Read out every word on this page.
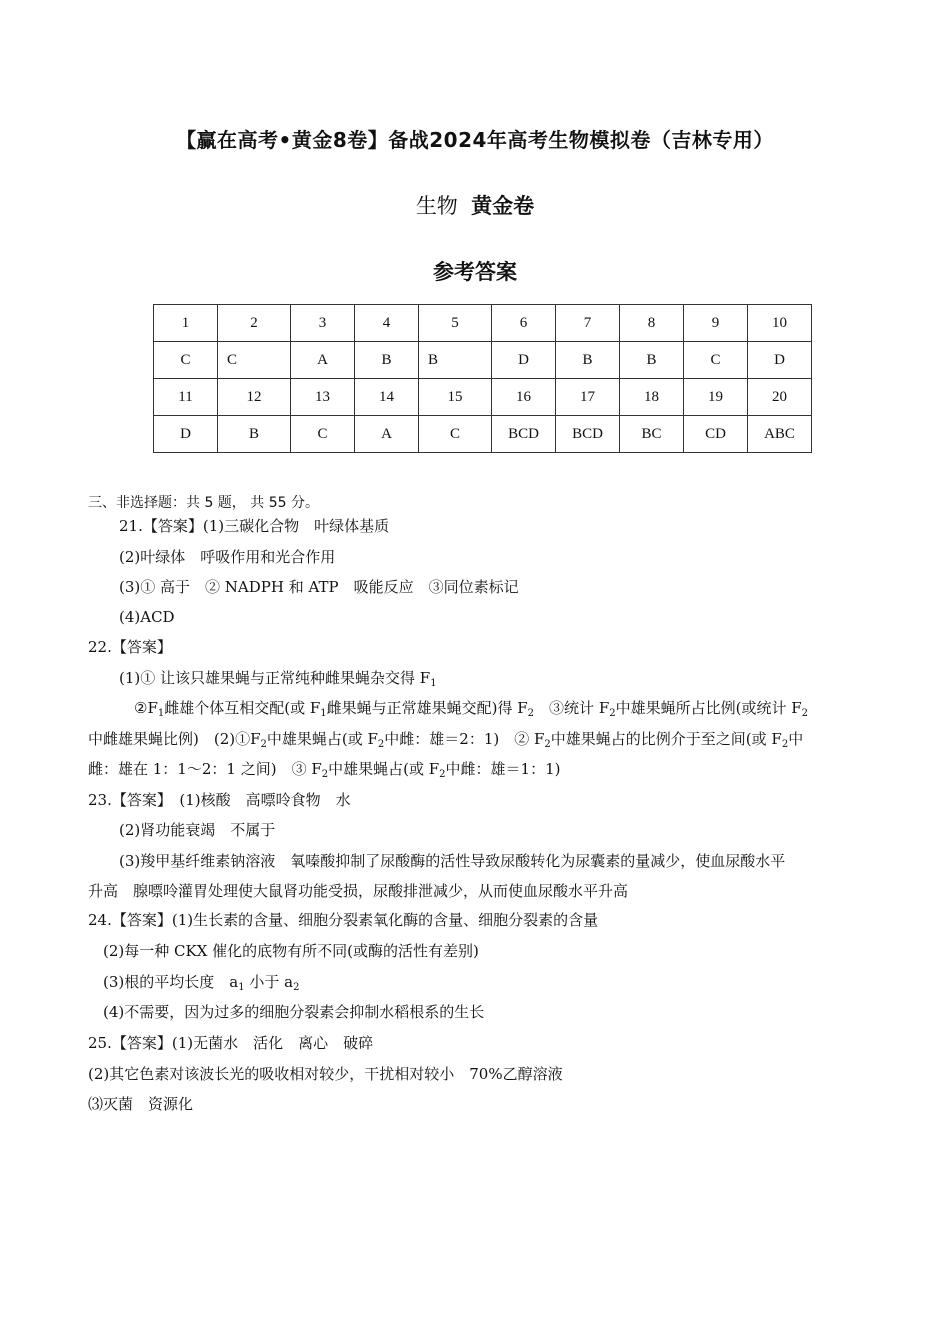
【赢在高考•黄金8卷】备战2024年高考生物模拟卷（吉林专用）
生物 黄金卷
参考答案
1	2	3	4	5	6	7	8	9	10
C	C	A	B	B	D	B	B	C	D
11	12	13	14	15	16	17	18	19	20
D	B	C	A	C	BCD	BCD	BC	CD	ABC
三、非选择题：共 5 题， 共 55 分。
21.【答案】(1)三碳化合物　叶绿体基质
(2)叶绿体　呼吸作用和光合作用
(3)① 高于　② NADPH 和 ATP　吸能反应　③同位素标记
(4)ACD
22.【答案】
(1)① 让该只雄果蝇与正常纯种雌果蝇杂交得 $F_1$
$②F_1$雌雄个体互相交配(或 $F_1$雌果蝇与正常雄果蝇交配)得 $F_2$　③统计 $F_2$中雄果蝇所占比例(或统计 $F_2$
中雌雄果蝇比例)　$(2)①F_2$中雄果蝇占(或 $F_2$中雌：雄＝2：1)　② $F_2$中雄果蝇占的比例介于至之间(或 $F_2$中
雌：雄在 1：1～2：1 之间)　③ $F_2$中雄果蝇占(或 $F_2$中雌：雄＝1：1)
23.【答案】　(1)核酸　高嘌呤食物　水
(2)肾功能衰竭　不属于
(3)羧甲基纤维素钠溶液　氧嗪酸抑制了尿酸酶的活性导致尿酸转化为尿囊素的量减少，使血尿酸水平
升高　腺嘌呤灌胃处理使大鼠肾功能受损，尿酸排泄减少，从而使血尿酸水平升高
24.【答案】(1)生长素的含量、细胞分裂素氧化酶的含量、细胞分裂素的含量
(2)每一种 CKX 催化的底物有所不同(或酶的活性有差别)
(3)根的平均长度　$a_1$ 小于 $a_2$
(4)不需要，因为过多的细胞分裂素会抑制水稻根系的生长
25.【答案】(1)无菌水　活化　离心　破碎
(2)其它色素对该波长光的吸收相对较少，干扰相对较小　70%乙醇溶液
⑶灭菌　资源化
